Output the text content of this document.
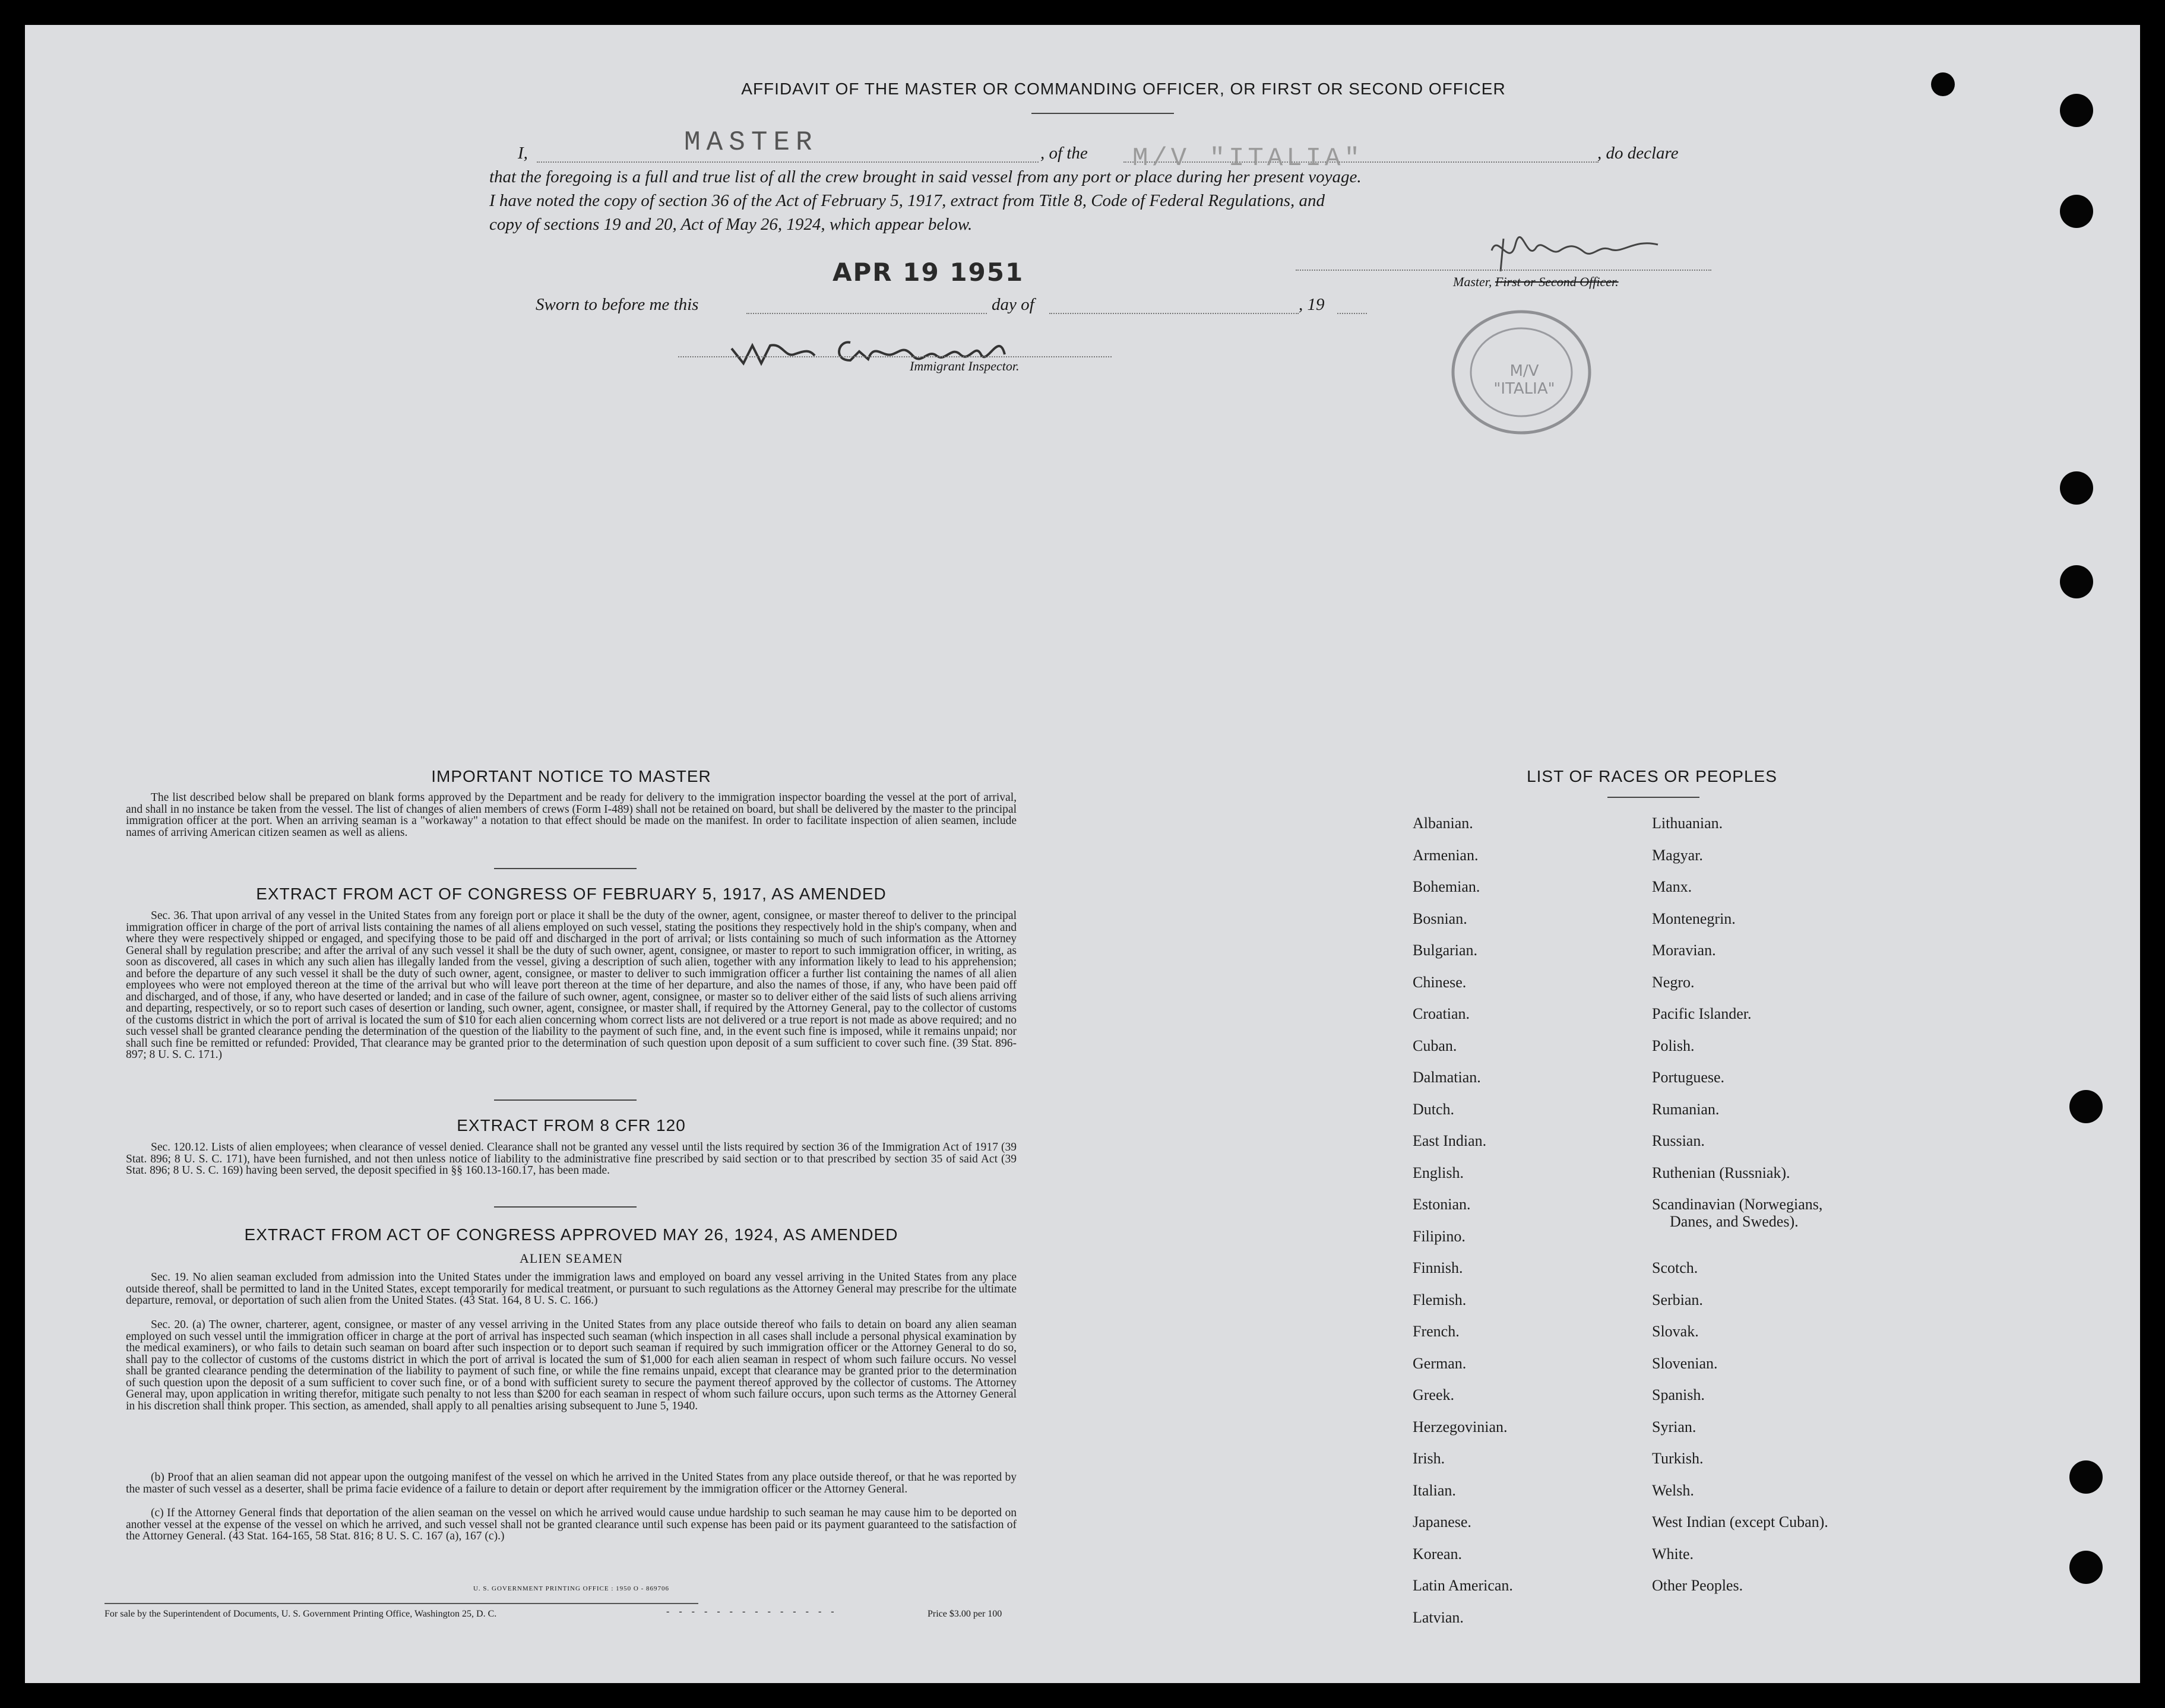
AFFIDAVIT OF THE MASTER OR COMMANDING OFFICER, OR FIRST OR SECOND OFFICER
I,	MASTER	, of the M/V "ITALIA"	, do declare
that the foregoing is a full and true list of all the crew brought in said vessel from any port or place during her present voyage.
I have noted the copy of section 36 of the Act of February 5, 1917, extract from Title 8, Code of Federal Regulations, and
copy of sections 19 and 20, Act of May 26, 1924, which appear below.
APR 19 1951	Master, First or Second Officer.
Sworn to before me this	day of	, 19
Immigrant Inspector.	M/V "ITALIA"
IMPORTANT NOTICE TO MASTER
The list described below shall be prepared on blank forms approved by the Department and be ready for delivery to the immigration inspector boarding the vessel at the port of arrival, and shall in no instance be taken from the vessel. The list of changes of alien members of crews (Form I-489) shall not be retained on board, but shall be delivered by the master to the principal immigration officer at the port. When an arriving seaman is a "workaway" a notation to that effect should be made on the manifest. In order to facilitate inspection of alien seamen, include names of arriving American citizen seamen as well as aliens.
EXTRACT FROM ACT OF CONGRESS OF FEBRUARY 5, 1917, AS AMENDED
Sec. 36. That upon arrival of any vessel in the United States from any foreign port or place it shall be the duty of the owner, agent, consignee, or master thereof to deliver to the principal immigration officer in charge of the port of arrival lists containing the names of all aliens employed on such vessel, stating the positions they respectively hold in the ship's company, when and where they were respectively shipped or engaged, and specifying those to be paid off and discharged in the port of arrival; or lists containing so much of such information as the Attorney General shall by regulation prescribe; and after the arrival of any such vessel it shall be the duty of such owner, agent, consignee, or master to report to such immigration officer, in writing, as soon as discovered, all cases in which any such alien has illegally landed from the vessel, giving a description of such alien, together with any information likely to lead to his apprehension; and before the departure of any such vessel it shall be the duty of such owner, agent, consignee, or master to deliver to such immigration officer a further list containing the names of all alien employees who were not employed thereon at the time of the arrival but who will leave port thereon at the time of her departure, and also the names of those, if any, who have been paid off and discharged, and of those, if any, who have deserted or landed; and in case of the failure of such owner, agent, consignee, or master so to deliver either of the said lists of such aliens arriving and departing, respectively, or so to report such cases of desertion or landing, such owner, agent, consignee, or master shall, if required by the Attorney General, pay to the collector of customs of the customs district in which the port of arrival is located the sum of $10 for each alien concerning whom correct lists are not delivered or a true report is not made as above required; and no such vessel shall be granted clearance pending the determination of the question of the liability to the payment of such fine, and, in the event such fine is imposed, while it remains unpaid; nor shall such fine be remitted or refunded: Provided, That clearance may be granted prior to the determination of such question upon deposit of a sum sufficient to cover such fine. (39 Stat. 896-897; 8 U. S. C. 171.)
EXTRACT FROM 8 CFR 120
Sec. 120.12. Lists of alien employees; when clearance of vessel denied. Clearance shall not be granted any vessel until the lists required by section 36 of the Immigration Act of 1917 (39 Stat. 896; 8 U. S. C. 171), have been furnished, and not then unless notice of liability to the administrative fine prescribed by said section or to that prescribed by section 35 of said Act (39 Stat. 896; 8 U. S. C. 169) having been served, the deposit specified in §§ 160.13-160.17, has been made.
EXTRACT FROM ACT OF CONGRESS APPROVED MAY 26, 1924, AS AMENDED
ALIEN SEAMEN
Sec. 19. No alien seaman excluded from admission into the United States under the immigration laws and employed on board any vessel arriving in the United States from any place outside thereof, shall be permitted to land in the United States, except temporarily for medical treatment, or pursuant to such regulations as the Attorney General may prescribe for the ultimate departure, removal, or deportation of such alien from the United States. (43 Stat. 164, 8 U. S. C. 166.)
Sec. 20. (a) The owner, charterer, agent, consignee, or master of any vessel arriving in the United States from any place outside thereof who fails to detain on board any alien seaman employed on such vessel until the immigration officer in charge at the port of arrival has inspected such seaman (which inspection in all cases shall include a personal physical examination by the medical examiners), or who fails to detain such seaman on board after such inspection or to deport such seaman if required by such immigration officer or the Attorney General to do so, shall pay to the collector of customs of the customs district in which the port of arrival is located the sum of $1,000 for each alien seaman in respect of whom such failure occurs. No vessel shall be granted clearance pending the determination of the liability to payment of such fine, or while the fine remains unpaid, except that clearance may be granted prior to the determination of such question upon the deposit of a sum sufficient to cover such fine, or of a bond with sufficient surety to secure the payment thereof approved by the collector of customs. The Attorney General may, upon application in writing therefor, mitigate such penalty to not less than $200 for each seaman in respect of whom such failure occurs, upon such terms as the Attorney General in his discretion shall think proper. This section, as amended, shall apply to all penalties arising subsequent to June 5, 1940.
(b) Proof that an alien seaman did not appear upon the outgoing manifest of the vessel on which he arrived in the United States from any place outside thereof, or that he was reported by the master of such vessel as a deserter, shall be prima facie evidence of a failure to detain or deport after requirement by the immigration officer or the Attorney General.
(c) If the Attorney General finds that deportation of the alien seaman on the vessel on which he arrived would cause undue hardship to such seaman he may cause him to be deported on another vessel at the expense of the vessel on which he arrived, and such vessel shall not be granted clearance until such expense has been paid or its payment guaranteed to the satisfaction of the Attorney General. (43 Stat. 164-165, 58 Stat. 816; 8 U. S. C. 167 (a), 167 (c).)
U. S. GOVERNMENT PRINTING OFFICE : 1950 O - 869706
For sale by the Superintendent of Documents, U. S. Government Printing Office, Washington 25, D. C.	- - - - - - - - - - - - - -	Price $3.00 per 100
LIST OF RACES OR PEOPLES
Albanian.
Armenian.
Bohemian.
Bosnian.
Bulgarian.
Chinese.
Croatian.
Cuban.
Dalmatian.
Dutch.
East Indian.
English.
Estonian.
Filipino.
Finnish.
Flemish.
French.
German.
Greek.
Herzegovinian.
Irish.
Italian.
Japanese.
Korean.
Latin American.
Latvian.
Lithuanian.
Magyar.
Manx.
Montenegrin.
Moravian.
Negro.
Pacific Islander.
Polish.
Portuguese.
Rumanian.
Russian.
Ruthenian (Russniak).
Scandinavian (Norwegians,
Danes, and Swedes).
Scotch.
Serbian.
Slovak.
Slovenian.
Spanish.
Syrian.
Turkish.
Welsh.
West Indian (except Cuban).
White.
Other Peoples.
